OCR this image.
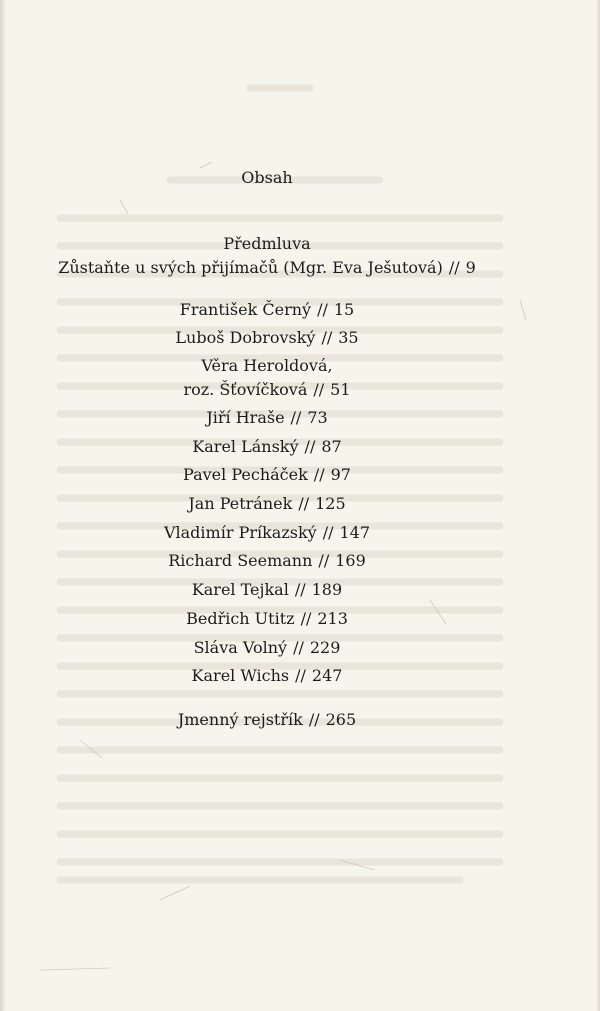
Obsah
Předmluva
Zůstaňte u svých přijímačů (Mgr. Eva Ješutová) // 9
František Černý // 15
Luboš Dobrovský // 35
Věra Heroldová,
roz. Šťovíčková // 51
Jiří Hraše // 73
Karel Lánský // 87
Pavel Pecháček // 97
Jan Petránek // 125
Vladimír Príkazský // 147
Richard Seemann // 169
Karel Tejkal // 189
Bedřich Utitz // 213
Sláva Volný // 229
Karel Wichs // 247
Jmenný rejstřík // 265
